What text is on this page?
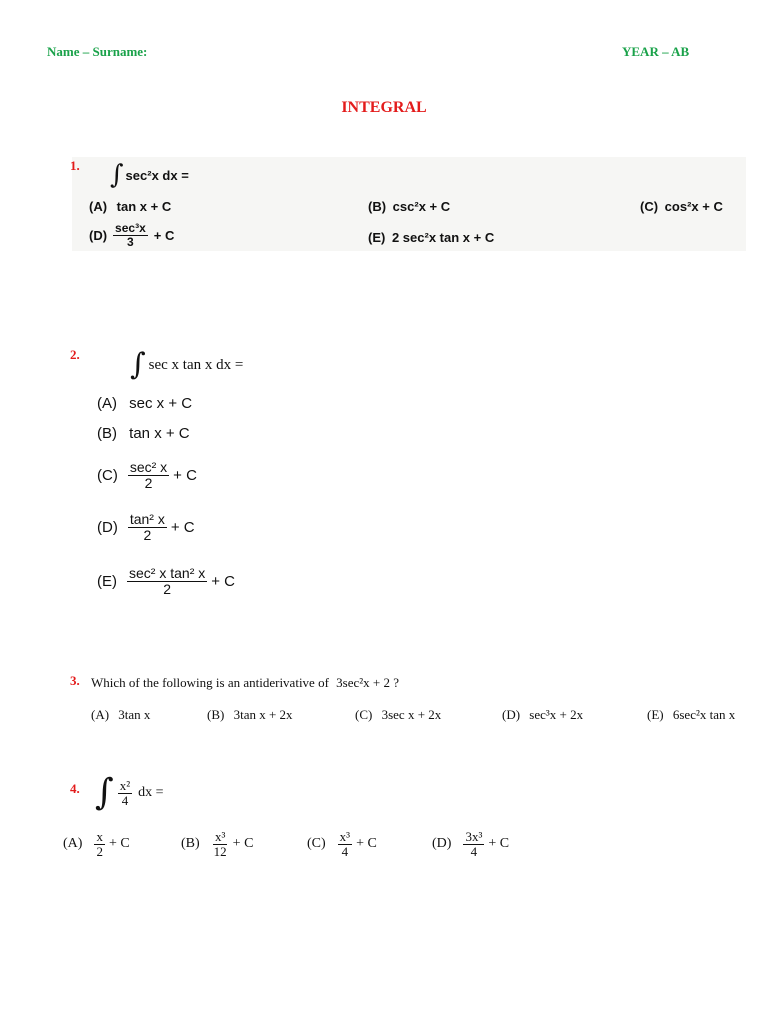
Name – Surname:	YEAR – AB
INTEGRAL
1. ∫ sec²x dx =
(A) tan x + C	(B) csc²x + C	(C) cos²x + C
$(D) \frac{\text{sec³x}}{3} + C$	(E) 2 sec²x tan x + C
2. ∫ sec x tan x dx =
(A) sec x + C
(B) tan x + C
$(C) \frac{\text{sec² x}}{2} + C$
$(D) \frac{\text{tan² x}}{2} + C$
$(E) \frac{\text{sec² x tan² x}}{2} + C$
3. Which of the following is an antiderivative of 3sec²x + 2 ?
(A) 3tan x	(B) 3tan x + 2x	(C) 3sec x + 2x	(D) sec³x + 2x	(E) 6sec²x tan x
4. ∫ $\frac{\text{x²}}{4}$ dx =
$(A) \frac{x}{2} + C$	$(B) \frac{\text{x³}}{12} + C$	$(C) \frac{\text{x³}}{4} + C$	$(D) \frac{\text{3x³}}{4} + C$
